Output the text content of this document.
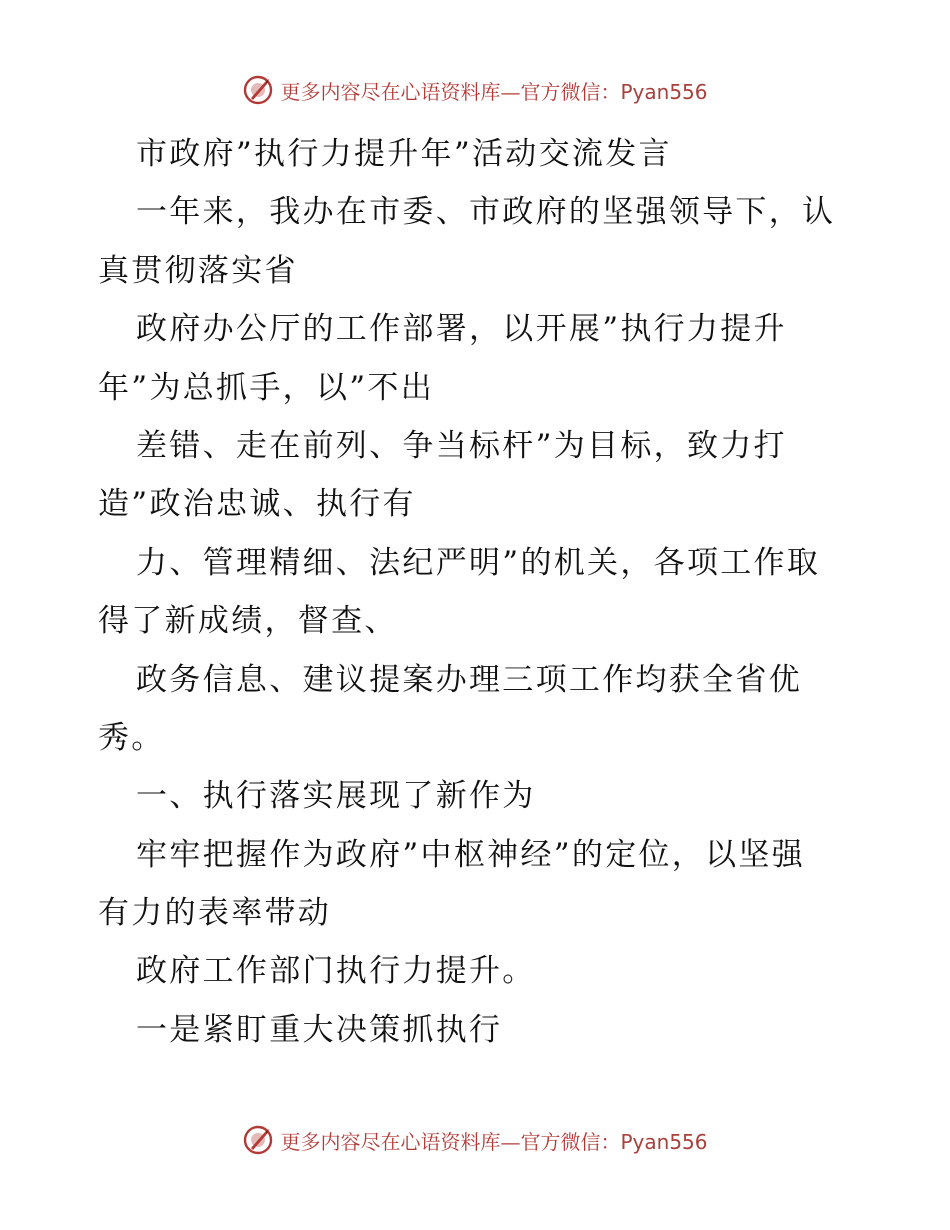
更多内容尽在心语资料库—官方微信：Pyan556
市政府”执行力提升年”活动交流发言
一年来，我办在市委、市政府的坚强领导下，认
真贯彻落实省
政府办公厅的工作部署，以开展”执行力提升
年”为总抓手，以”不出
差错、走在前列、争当标杆”为目标，致力打
造”政治忠诚、执行有
力、管理精细、法纪严明”的机关，各项工作取
得了新成绩，督查、
政务信息、建议提案办理三项工作均获全省优
秀。
一、执行落实展现了新作为
牢牢把握作为政府”中枢神经”的定位，以坚强
有力的表率带动
政府工作部门执行力提升。
一是紧盯重大决策抓执行
更多内容尽在心语资料库—官方微信：Pyan556
